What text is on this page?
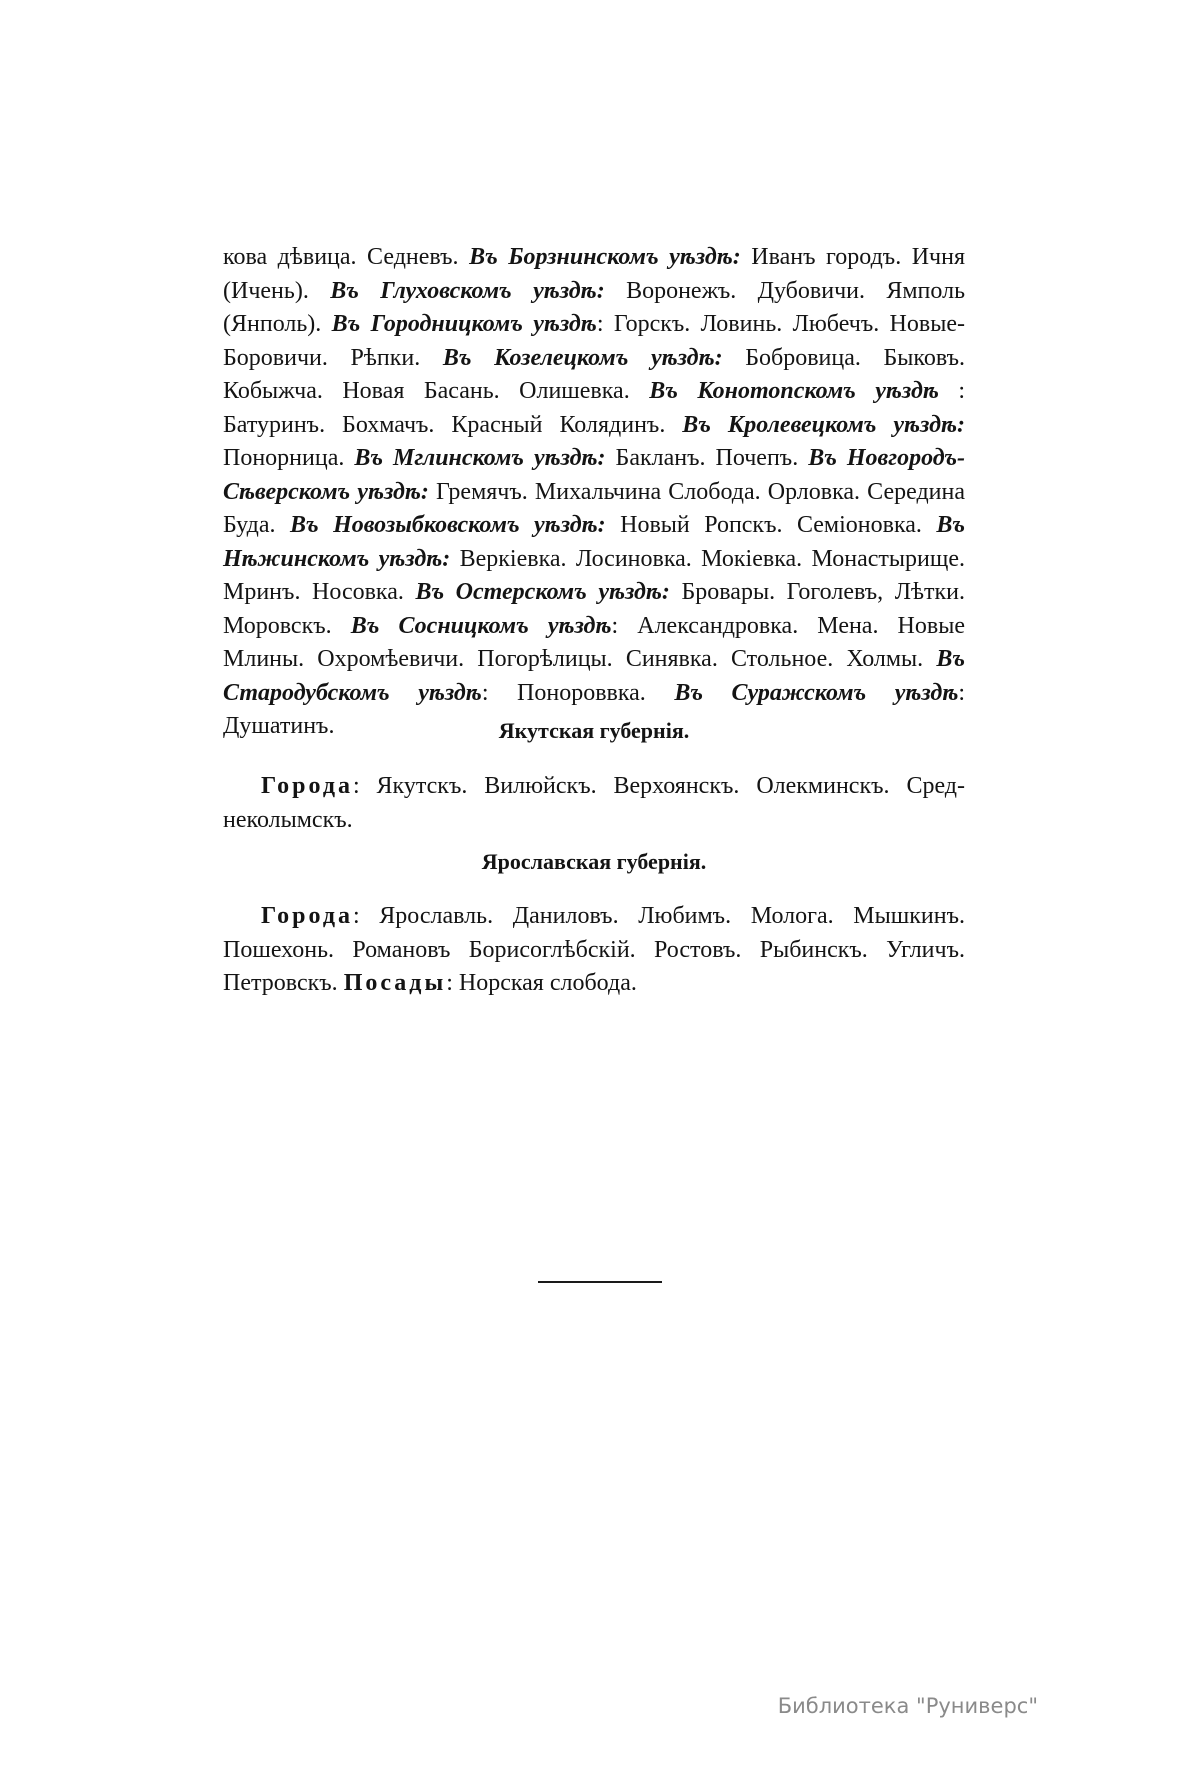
кова дѣвица. Седневъ. Въ Борзнинскомъ уѣздѣ: Иванъ городъ. Ичня (Ичень). Въ Глуховскомъ уѣздѣ: Воронежъ. Дубовичи. Ямполь (Янполь). Въ Городницкомъ уѣздѣ: Горскъ. Ловинь. Любечъ. Новые-Боровичи. Рѣпки. Въ Козелецкомъ уѣздѣ: Бобровица. Быковъ. Кобыжча. Новая Басань. Олишевка. Въ Конотопскомъ уѣздѣ : Батуринъ. Бохмачъ. Красный Колядинъ. Въ Кролевецкомъ уѣздѣ: Понорница. Въ Мглинскомъ уѣздѣ: Бакланъ. Почепъ. Въ Новгородъ-Сѣверскомъ уѣздѣ: Гремячъ. Михальчина Слобода. Орловка. Середина Буда. Въ Новозыбковскомъ уѣздѣ: Новый Ропскъ. Семіоновка. Въ Нѣжинскомъ уѣздѣ: Веркіевка. Лосиновка. Мокіевка. Монастырище. Мринъ. Носовка. Въ Остерскомъ уѣздѣ: Бровары. Гоголевъ, Лѣтки. Моровскъ. Въ Сосницкомъ уѣздѣ: Александровка. Мена. Новые Млины. Охромѣевичи. Погорѣлицы. Синявка. Стольное. Холмы. Въ Стародубскомъ уѣздѣ: Понороввка. Въ Суражскомъ уѣздѣ: Душатинъ.	Якутская губернія.

Города: Якутскъ. Вилюйскъ. Верхоянскъ. Олекминскъ. Среднеколымскъ.

Ярославская губернія.

Города: Ярославль. Даниловъ. Любимъ. Молога. Мышкинъ. Пошехонь. Романовъ Борисоглѣбскій. Ростовъ. Рыбинскъ. Угличъ. Петровскъ. Посады: Норская слобода.

Библиотека "Руниверс"
